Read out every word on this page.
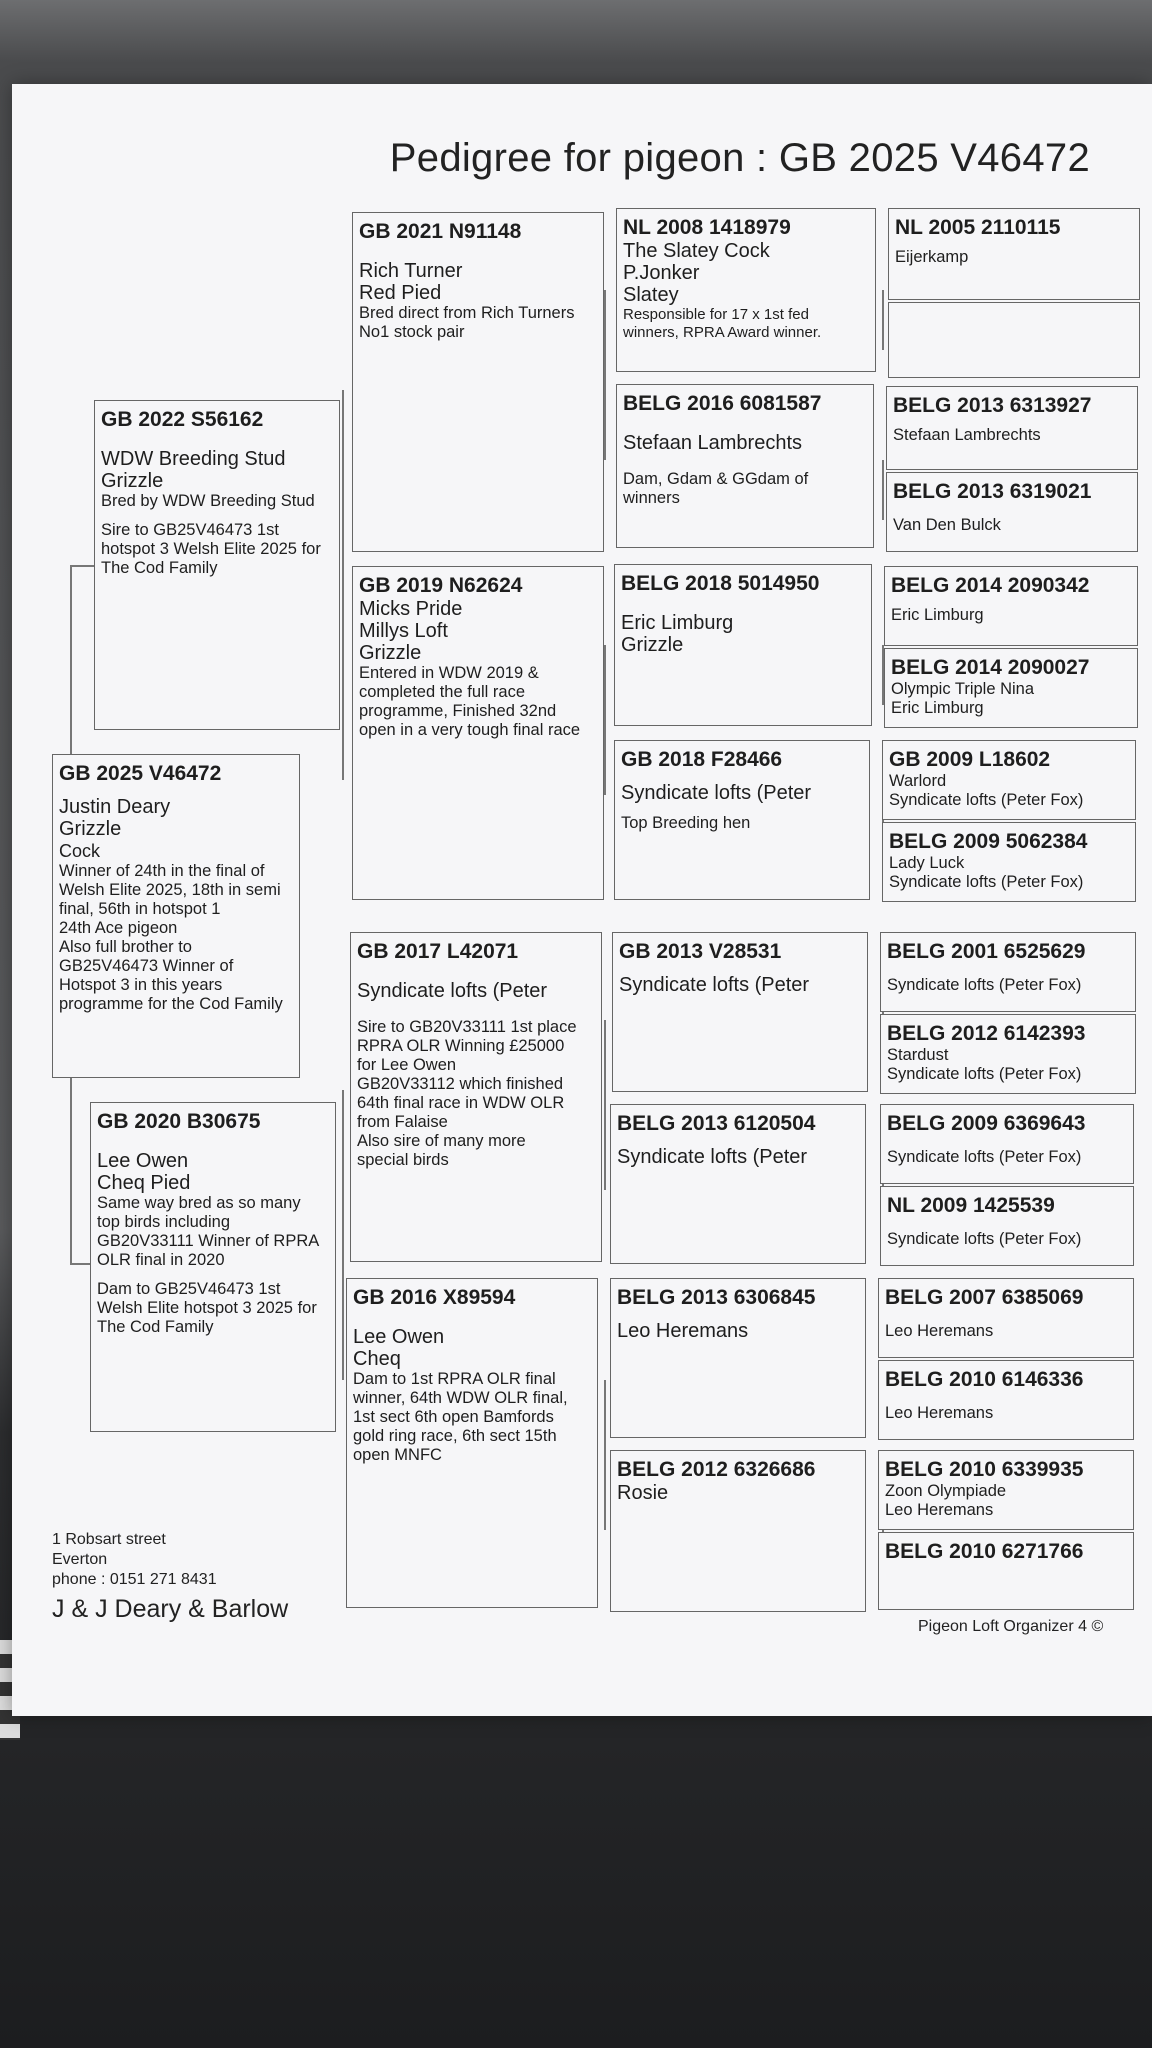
Pedigree for pigeon : GB 2025 V46472
GB 2025 V46472
Justin Deary
Grizzle
Cock
Winner of 24th in the final of
Welsh Elite 2025, 18th in semi
final, 56th in hotspot 1
24th Ace pigeon
Also full brother to
GB25V46473 Winner of
Hotspot 3 in this years
programme for the Cod Family
GB 2022 S56162
WDW Breeding Stud
Grizzle
Bred by WDW Breeding Stud
Sire to GB25V46473 1st
hotspot 3 Welsh Elite 2025 for
The Cod Family
GB 2020 B30675
Lee Owen
Cheq Pied
Same way bred as so many
top birds including
GB20V33111 Winner of RPRA
OLR final in 2020
Dam to GB25V46473 1st
Welsh Elite hotspot 3 2025 for
The Cod Family
GB 2021 N91148
Rich Turner
Red Pied
Bred direct from Rich Turners
No1 stock pair
GB 2019 N62624
Micks Pride
Millys Loft
Grizzle
Entered in WDW 2019 &
completed the full race
programme, Finished 32nd
open in a very tough final race
GB 2017 L42071
Syndicate lofts (Peter
Sire to GB20V33111 1st place
RPRA OLR Winning £25000
for Lee Owen
GB20V33112 which finished
64th final race in WDW OLR
from Falaise
Also sire of many more
special birds
GB 2016 X89594
Lee Owen
Cheq
Dam to 1st RPRA OLR final
winner, 64th WDW OLR final,
1st sect 6th open Bamfords
gold ring race, 6th sect 15th
open MNFC
NL 2008 1418979
The Slatey Cock
P.Jonker
Slatey
Responsible for 17 x 1st fed
winners, RPRA Award winner.
BELG 2016 6081587
Stefaan Lambrechts
Dam, Gdam & GGdam of
winners
BELG 2018 5014950
Eric Limburg
Grizzle
GB 2018 F28466
Syndicate lofts (Peter
Top Breeding hen
GB 2013 V28531
Syndicate lofts (Peter
BELG 2013 6120504
Syndicate lofts (Peter
BELG 2013 6306845
Leo Heremans
BELG 2012 6326686
Rosie
NL 2005 2110115
Eijerkamp
BELG 2013 6313927
Stefaan Lambrechts
BELG 2013 6319021
Van Den Bulck
BELG 2014 2090342
Eric Limburg
BELG 2014 2090027
Olympic Triple Nina
Eric Limburg
GB 2009 L18602
Warlord
Syndicate lofts (Peter Fox)
BELG 2009 5062384
Lady Luck
Syndicate lofts (Peter Fox)
BELG 2001 6525629
Syndicate lofts (Peter Fox)
BELG 2012 6142393
Stardust
Syndicate lofts (Peter Fox)
BELG 2009 6369643
Syndicate lofts (Peter Fox)
NL 2009 1425539
Syndicate lofts (Peter Fox)
BELG 2007 6385069
Leo Heremans
BELG 2010 6146336
Leo Heremans
BELG 2010 6339935
Zoon Olympiade
Leo Heremans
BELG 2010 6271766
1 Robsart street
Everton
phone : 0151 271 8431
J & J Deary & Barlow
Pigeon Loft Organizer 4 ©
